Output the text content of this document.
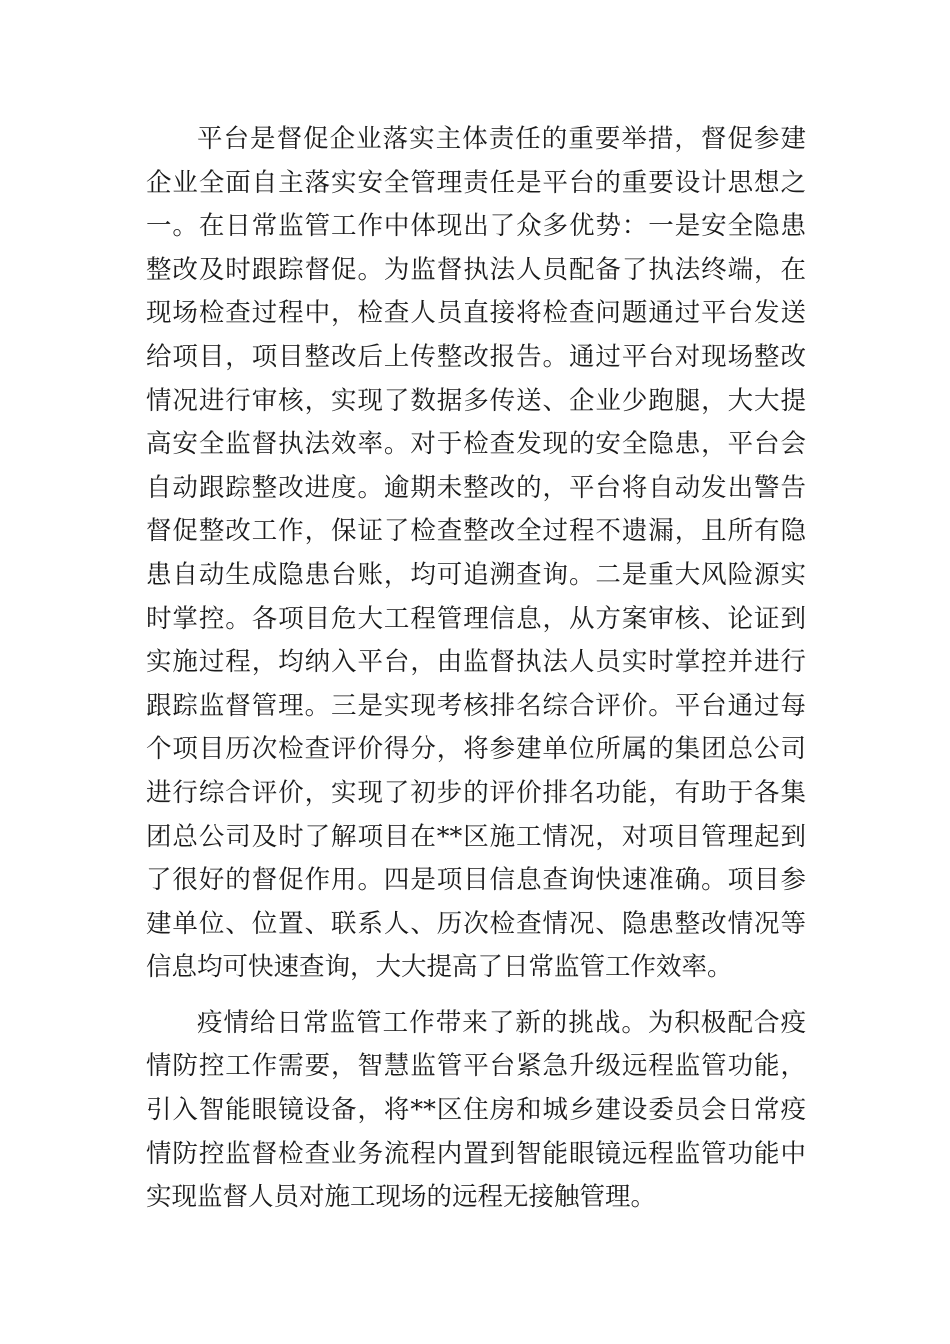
平台是督促企业落实主体责任的重要举措，督促参建企业全面自主落实安全管理责任是平台的重要设计思想之一。在日常监管工作中体现出了众多优势：一是安全隐患整改及时跟踪督促。为监督执法人员配备了执法终端，在现场检查过程中，检查人员直接将检查问题通过平台发送给项目，项目整改后上传整改报告。通过平台对现场整改情况进行审核，实现了数据多传送、企业少跑腿，大大提高安全监督执法效率。对于检查发现的安全隐患，平台会自动跟踪整改进度。逾期未整改的，平台将自动发出警告督促整改工作，保证了检查整改全过程不遗漏，且所有隐患自动生成隐患台账，均可追溯查询。二是重大风险源实时掌控。各项目危大工程管理信息，从方案审核、论证到实施过程，均纳入平台，由监督执法人员实时掌控并进行跟踪监督管理。三是实现考核排名综合评价。平台通过每个项目历次检查评价得分，将参建单位所属的集团总公司进行综合评价，实现了初步的评价排名功能，有助于各集团总公司及时了解项目在**区施工情况，对项目管理起到了很好的督促作用。四是项目信息查询快速准确。项目参建单位、位置、联系人、历次检查情况、隐患整改情况等信息均可快速查询，大大提高了日常监管工作效率。

疫情给日常监管工作带来了新的挑战。为积极配合疫情防控工作需要，智慧监管平台紧急升级远程监管功能，引入智能眼镜设备，将**区住房和城乡建设委员会日常疫情防控监督检查业务流程内置到智能眼镜远程监管功能中实现监督人员对施工现场的远程无接触管理。
